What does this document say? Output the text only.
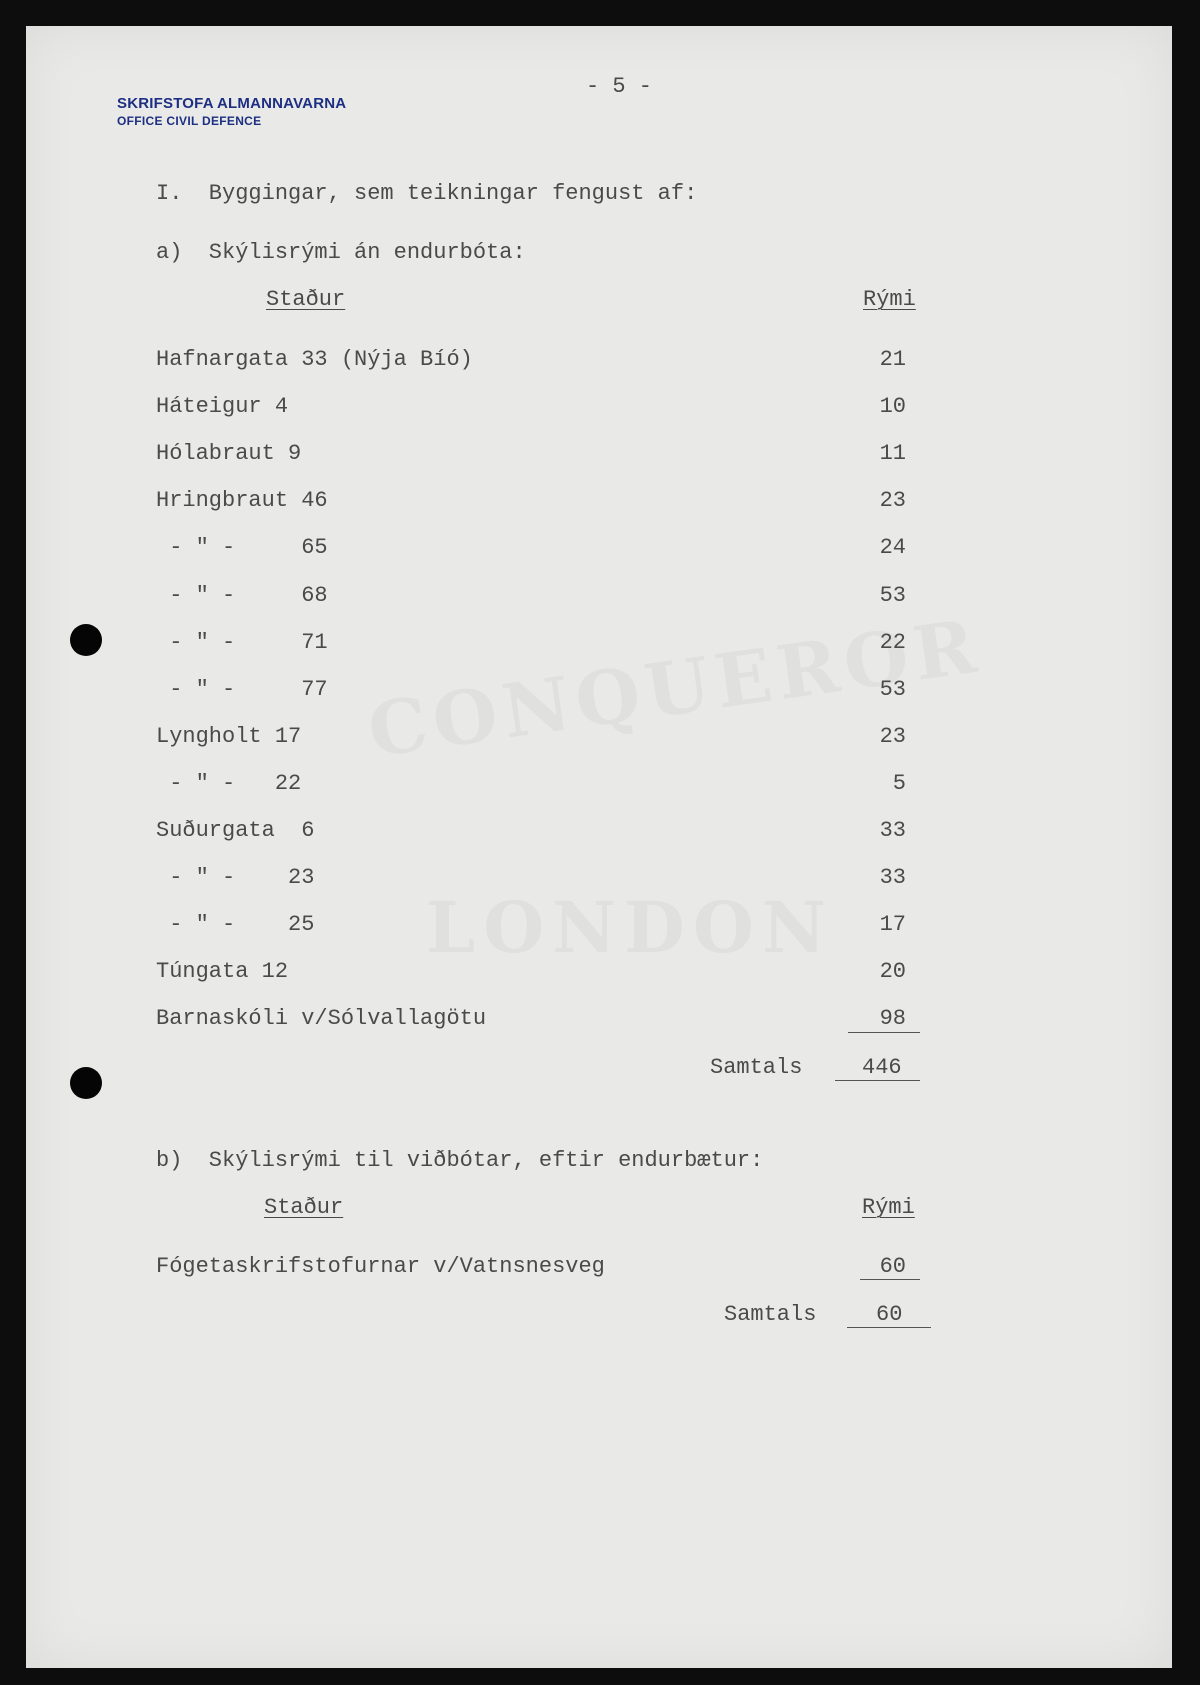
SKRIFSTOFA ALMANNAVARNA
OFFICE CIVIL DEFENCE
- 5 -
I.  Byggingar, sem teikningar fengust af:
a)  Skýlisrými án endurbóta:
Staður	Rými
Hafnargata 33 (Nýja Bíó)	21
Háteigur 4	10
Hólabraut 9	11
Hringbraut 46	23
- " -     65	24
- " -     68	53
- " -     71	22
- " -     77	53
Lyngholt 17	23
- " -   22	5
Suðurgata  6	33
- " -    23	33
- " -    25	17
Túngata 12	20
Barnaskóli v/Sólvallagötu	98
Samtals	446
b)  Skýlisrými til viðbótar, eftir endurbætur:
Staður	Rými
Fógetaskrifstofurnar v/Vatnsnesveg	60
Samtals	60
